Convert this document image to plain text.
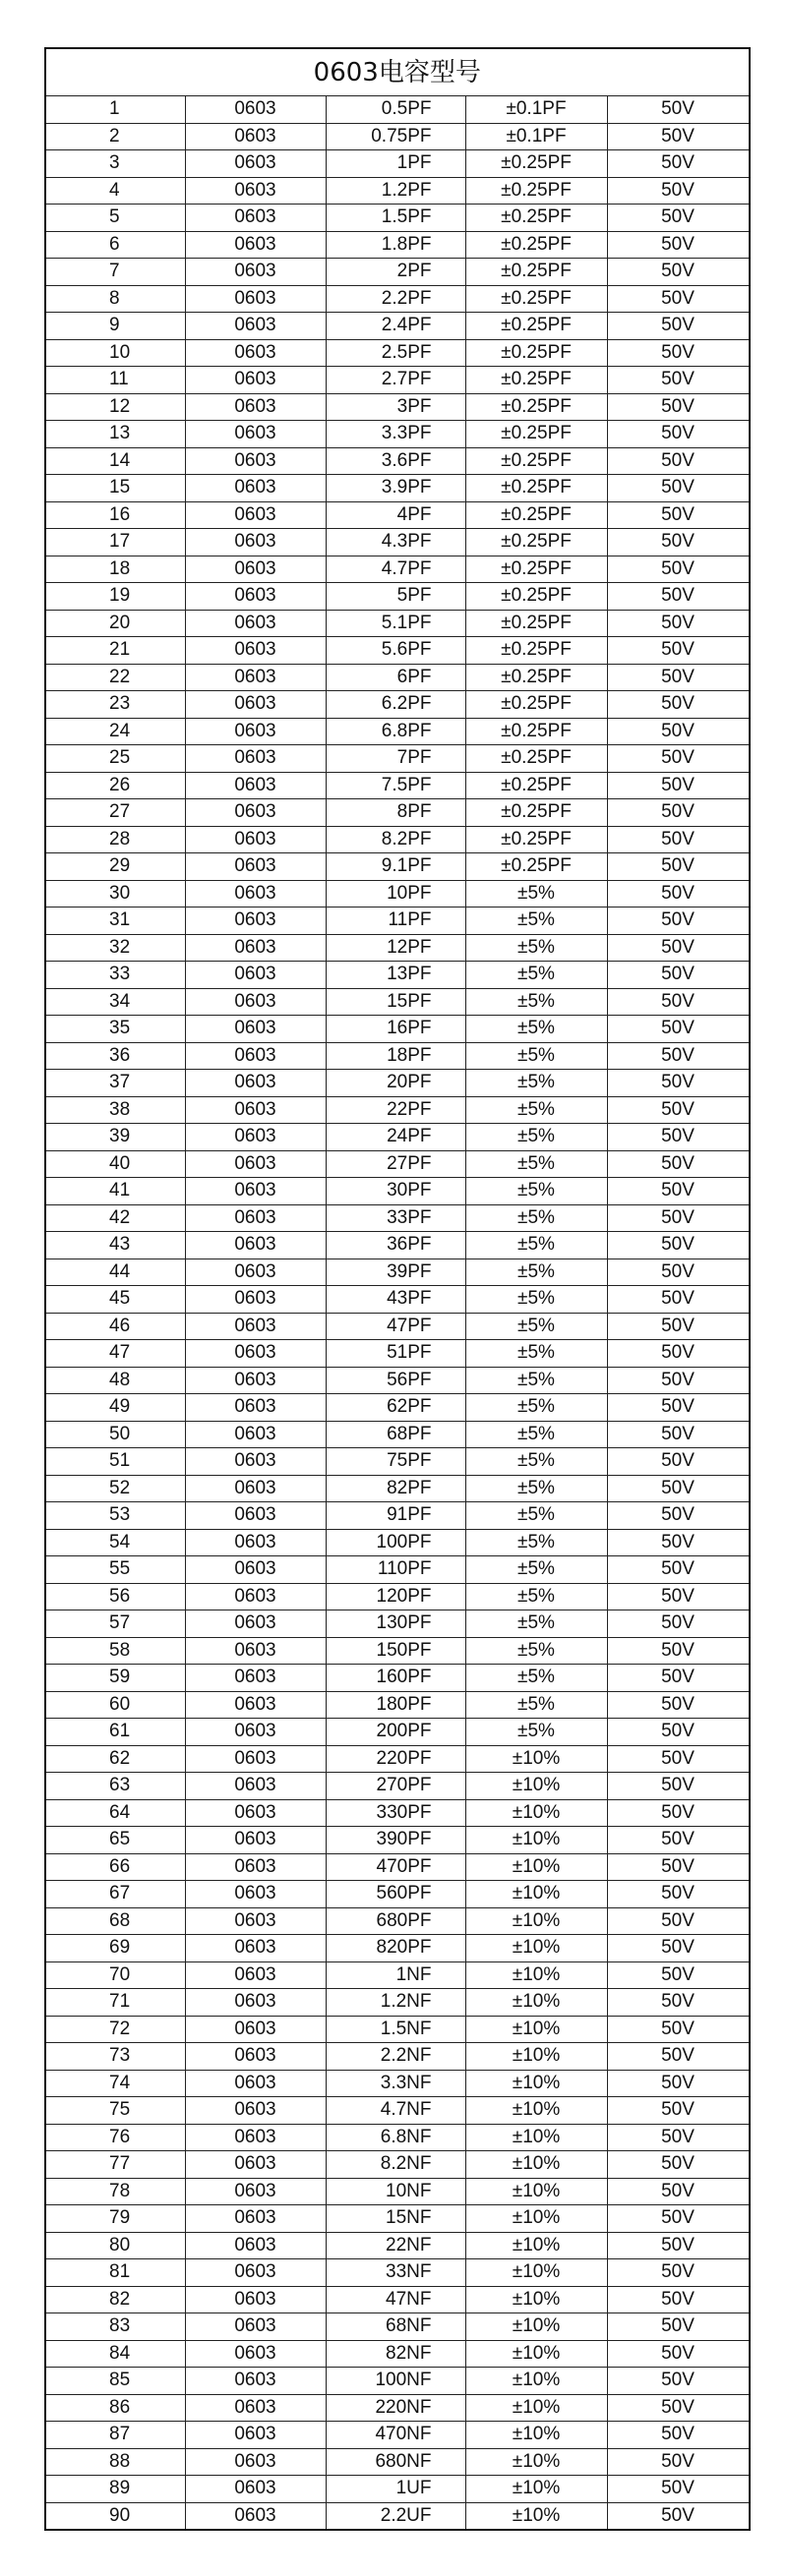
0603电容型号
1	0603	0.5PF	±0.1PF	50V
2	0603	0.75PF	±0.1PF	50V
3	0603	1PF	±0.25PF	50V
4	0603	1.2PF	±0.25PF	50V
5	0603	1.5PF	±0.25PF	50V
6	0603	1.8PF	±0.25PF	50V
7	0603	2PF	±0.25PF	50V
8	0603	2.2PF	±0.25PF	50V
9	0603	2.4PF	±0.25PF	50V
10	0603	2.5PF	±0.25PF	50V
11	0603	2.7PF	±0.25PF	50V
12	0603	3PF	±0.25PF	50V
13	0603	3.3PF	±0.25PF	50V
14	0603	3.6PF	±0.25PF	50V
15	0603	3.9PF	±0.25PF	50V
16	0603	4PF	±0.25PF	50V
17	0603	4.3PF	±0.25PF	50V
18	0603	4.7PF	±0.25PF	50V
19	0603	5PF	±0.25PF	50V
20	0603	5.1PF	±0.25PF	50V
21	0603	5.6PF	±0.25PF	50V
22	0603	6PF	±0.25PF	50V
23	0603	6.2PF	±0.25PF	50V
24	0603	6.8PF	±0.25PF	50V
25	0603	7PF	±0.25PF	50V
26	0603	7.5PF	±0.25PF	50V
27	0603	8PF	±0.25PF	50V
28	0603	8.2PF	±0.25PF	50V
29	0603	9.1PF	±0.25PF	50V
30	0603	10PF	±5%	50V
31	0603	11PF	±5%	50V
32	0603	12PF	±5%	50V
33	0603	13PF	±5%	50V
34	0603	15PF	±5%	50V
35	0603	16PF	±5%	50V
36	0603	18PF	±5%	50V
37	0603	20PF	±5%	50V
38	0603	22PF	±5%	50V
39	0603	24PF	±5%	50V
40	0603	27PF	±5%	50V
41	0603	30PF	±5%	50V
42	0603	33PF	±5%	50V
43	0603	36PF	±5%	50V
44	0603	39PF	±5%	50V
45	0603	43PF	±5%	50V
46	0603	47PF	±5%	50V
47	0603	51PF	±5%	50V
48	0603	56PF	±5%	50V
49	0603	62PF	±5%	50V
50	0603	68PF	±5%	50V
51	0603	75PF	±5%	50V
52	0603	82PF	±5%	50V
53	0603	91PF	±5%	50V
54	0603	100PF	±5%	50V
55	0603	110PF	±5%	50V
56	0603	120PF	±5%	50V
57	0603	130PF	±5%	50V
58	0603	150PF	±5%	50V
59	0603	160PF	±5%	50V
60	0603	180PF	±5%	50V
61	0603	200PF	±5%	50V
62	0603	220PF	±10%	50V
63	0603	270PF	±10%	50V
64	0603	330PF	±10%	50V
65	0603	390PF	±10%	50V
66	0603	470PF	±10%	50V
67	0603	560PF	±10%	50V
68	0603	680PF	±10%	50V
69	0603	820PF	±10%	50V
70	0603	1NF	±10%	50V
71	0603	1.2NF	±10%	50V
72	0603	1.5NF	±10%	50V
73	0603	2.2NF	±10%	50V
74	0603	3.3NF	±10%	50V
75	0603	4.7NF	±10%	50V
76	0603	6.8NF	±10%	50V
77	0603	8.2NF	±10%	50V
78	0603	10NF	±10%	50V
79	0603	15NF	±10%	50V
80	0603	22NF	±10%	50V
81	0603	33NF	±10%	50V
82	0603	47NF	±10%	50V
83	0603	68NF	±10%	50V
84	0603	82NF	±10%	50V
85	0603	100NF	±10%	50V
86	0603	220NF	±10%	50V
87	0603	470NF	±10%	50V
88	0603	680NF	±10%	50V
89	0603	1UF	±10%	50V
90	0603	2.2UF	±10%	50V
